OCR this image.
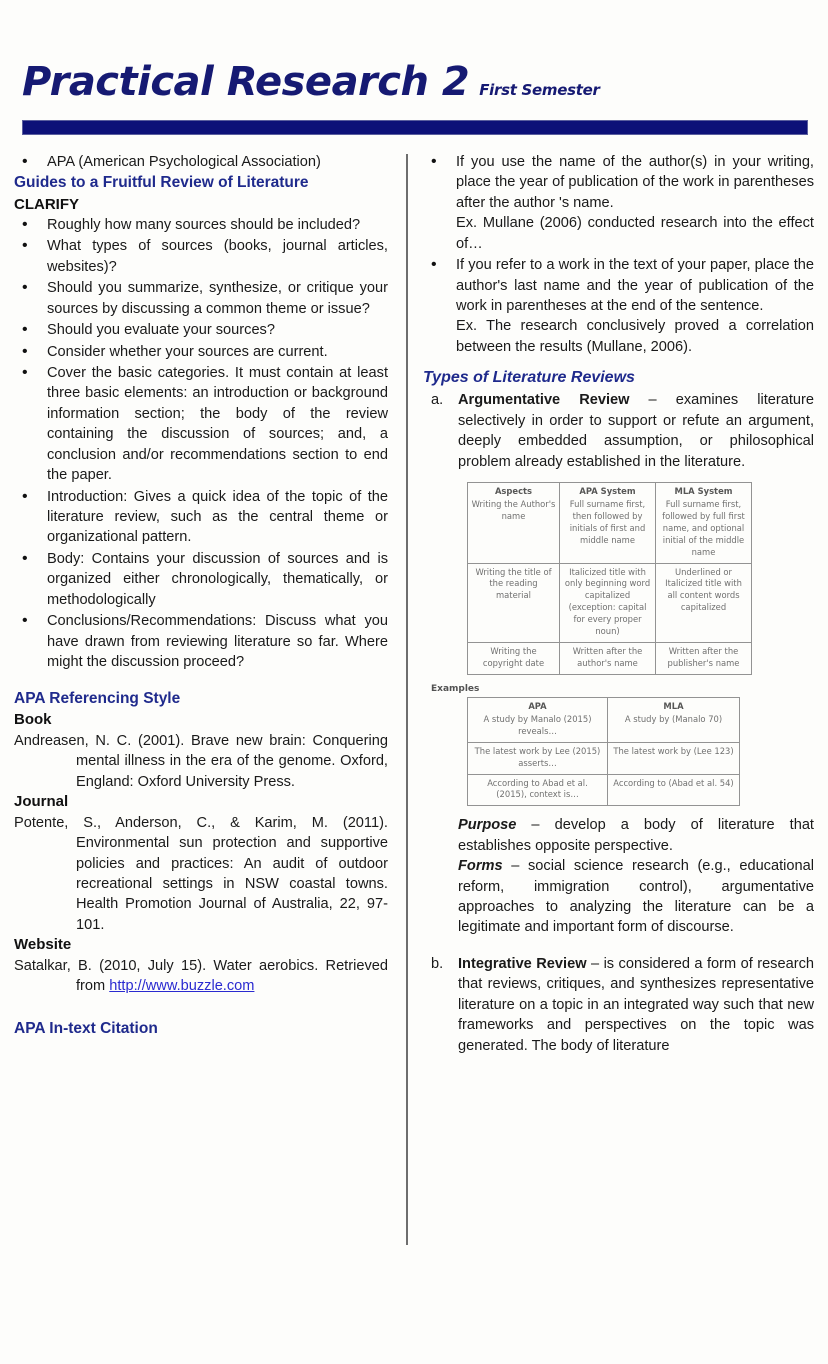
Practical Research 2 First Semester
• APA (American Psychological Association)
Guides to a Fruitful Review of Literature
CLARIFY
• Roughly how many sources should be included?
• What types of sources (books, journal articles, websites)?
• Should you summarize, synthesize, or critique your sources by discussing a common theme or issue?
• Should you evaluate your sources?
• Consider whether your sources are current.
• Cover the basic categories. It must contain at least three basic elements: an introduction or background information section; the body of the review containing the discussion of sources; and, a conclusion and/or recommendations section to end the paper.
• Introduction: Gives a quick idea of the topic of the literature review, such as the central theme or organizational pattern.
• Body: Contains your discussion of sources and is organized either chronologically, thematically, or methodologically
• Conclusions/Recommendations: Discuss what you have drawn from reviewing literature so far. Where might the discussion proceed?
APA Referencing Style
Book

Andreasen, N. C. (2001). Brave new brain: Conquering mental illness in the era of the genome. Oxford, England: Oxford University Press.

Journal

Potente, S., Anderson, C., & Karim, M. (2011). Environmental sun protection and supportive policies and practices: An audit of outdoor recreational settings in NSW coastal towns. Health Promotion Journal of Australia, 22, 97- 101.

Website

Satalkar, B. (2010, July 15). Water aerobics. Retrieved from http://www.buzzle.com

APA In-text Citation
• If you use the name of the author(s) in your writing, place the year of publication of the work in parentheses after the author 's name.
Ex. Mullane (2006) conducted research into the effect of…
• If you refer to a work in the text of your paper, place the author's last name and the year of publication of the work in parentheses at the end of the sentence.
Ex. The research conclusively proved a correlation between the results (Mullane, 2006).
Types of Literature Reviews
Argumentative Review – examines literature selectively in order to support or refute an argument, deeply embedded assumption, or philosophical problem already established in the literature.
Aspects	APA System	MLA System
Writing the Author's name	Full surname first, then followed by initials of first and middle name	Full surname first, followed by full first name, and optional initial of the middle name
Writing the title of the reading material	Italicized title with only beginning word capitalized (exception: capital for every proper noun)	Underlined or Italicized title with all content words capitalized
Writing the copyright date	Written after the author's name	Written after the publisher's name
Examples
APA	MLA
A study by Manalo (2015) reveals…	A study by (Manalo 70)
The latest work by Lee (2015) asserts…	The latest work by (Lee 123)
According to Abad et al. (2015), context is…	According to (Abad et al. 54)

Purpose – develop a body of literature that establishes opposite perspective.

Forms – social science research (e.g., educational reform, immigration control), argumentative approaches to analyzing the literature can be a legitimate and important form of discourse.

Integrative Review – is considered a form of research that reviews, critiques, and synthesizes representative literature on a topic in an integrated way such that new frameworks and perspectives on the topic was generated. The body of literature
